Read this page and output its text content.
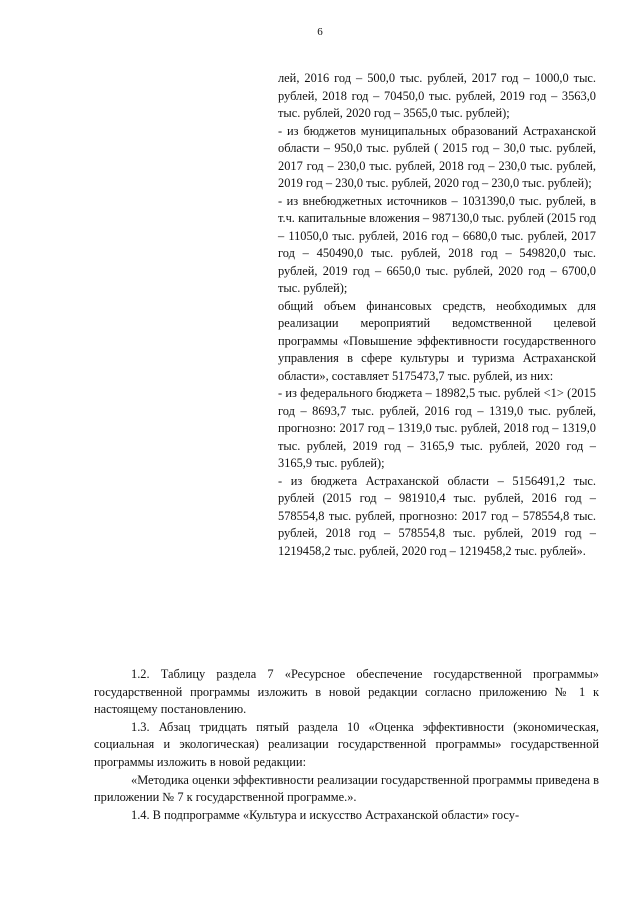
6

лей, 2016 год – 500,0 тыс. рублей, 2017 год – 1000,0 тыс. рублей, 2018 год – 70450,0 тыс. рублей, 2019 год – 3563,0 тыс. рублей, 2020 год – 3565,0 тыс. рублей);

- из бюджетов муниципальных образований Астраханской области – 950,0 тыс. рублей ( 2015 год – 30,0 тыс. рублей, 2017 год – 230,0 тыс. рублей, 2018 год – 230,0 тыс. рублей, 2019 год – 230,0 тыс. рублей, 2020 год – 230,0 тыс. рублей);

- из внебюджетных источников – 1031390,0 тыс. рублей, в т.ч. капитальные вложения – 987130,0 тыс. рублей (2015 год – 11050,0 тыс. рублей, 2016 год – 6680,0 тыс. рублей, 2017 год – 450490,0 тыс. рублей, 2018 год – 549820,0 тыс. рублей, 2019 год – 6650,0 тыс. рублей, 2020 год – 6700,0 тыс. рублей);

общий объем финансовых средств, необходимых для реализации мероприятий ведомственной целевой программы «Повышение эффективности государственного управления в сфере культуры и туризма Астраханской области», составляет 5175473,7 тыс. рублей, из них:

- из федерального бюджета – 18982,5 тыс. рублей <1> (2015 год – 8693,7 тыс. рублей, 2016 год – 1319,0 тыс. рублей, прогнозно: 2017 год – 1319,0 тыс. рублей, 2018 год – 1319,0 тыс. рублей, 2019 год – 3165,9 тыс. рублей, 2020 год – 3165,9 тыс. рублей);

- из бюджета Астраханской области – 5156491,2 тыс. рублей (2015 год – 981910,4 тыс. рублей, 2016 год – 578554,8 тыс. рублей, прогнозно: 2017 год – 578554,8 тыс. рублей, 2018 год – 578554,8 тыс. рублей, 2019 год – 1219458,2 тыс. рублей, 2020 год – 1219458,2 тыс. рублей».

1.2. Таблицу раздела 7 «Ресурсное обеспечение государственной программы» государственной программы изложить в новой редакции согласно приложению № 1 к настоящему постановлению.

1.3. Абзац тридцать пятый раздела 10 «Оценка эффективности (экономическая, социальная и экологическая) реализации государственной программы» государственной программы изложить в новой редакции:

«Методика оценки эффективности реализации государственной программы приведена в приложении № 7 к государственной программе.».

1.4. В подпрограмме «Культура и искусство Астраханской области» госу-
